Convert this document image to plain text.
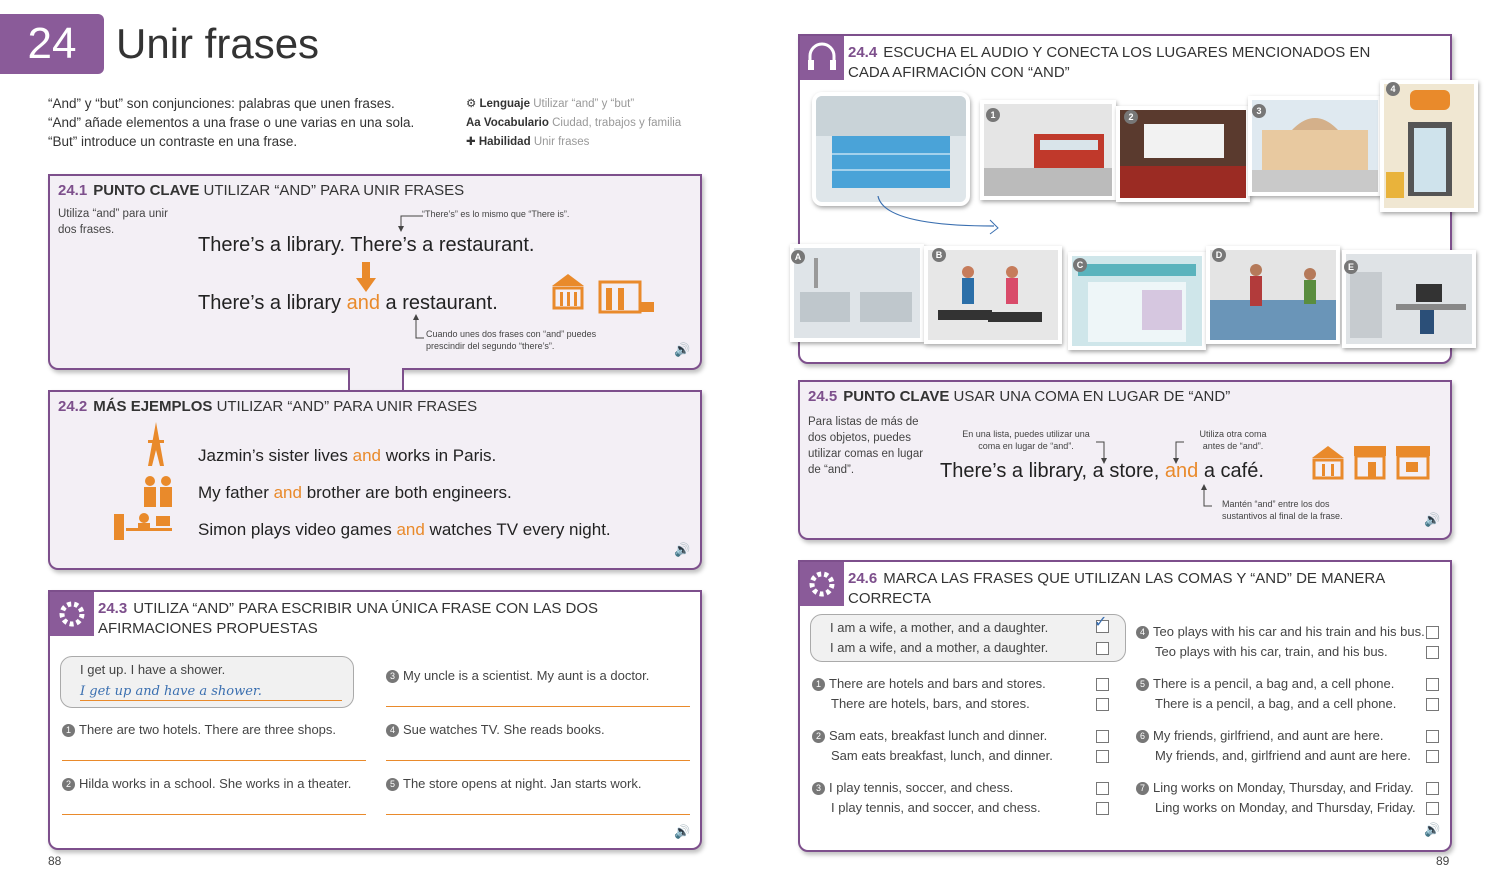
24 Unir frases
“And” y “but” son conjunciones: palabras que unen frases.
“And” añade elementos a una frase o une varias en una sola.
“But” introduce un contraste en una frase.
⚙ Lenguaje Utilizar “and” y “but”
Aa Vocabulario Ciudad, trabajos y familia
✚ Habilidad Unir frases
24.1 PUNTO CLAVE UTILIZAR “AND” PARA UNIR FRASES
Utiliza “and” para unir dos frases.
“There’s” es lo mismo que “There is”.
There’s a library. There’s a restaurant.
There’s a library and a restaurant.
Cuando unes dos frases con “and” puedes prescindir del segundo “there’s”.	🔊
24.2 MÁS EJEMPLOS UTILIZAR “AND” PARA UNIR FRASES
Jazmin’s sister lives and works in Paris.
My father and brother are both engineers.
Simon plays video games and watches TV every night.
🔊
24.3 UTILIZA “AND” PARA ESCRIBIR UNA ÚNICA FRASE CON LAS DOS AFIRMACIONES PROPUESTAS
I get up. I have a shower.
I get up and have a shower.
1 There are two hotels. There are three shops.
2 Hilda works in a school. She works in a theater.
3 My uncle is a scientist. My aunt is a doctor.
4 Sue watches TV. She reads books.
5 The store opens at night. Jan starts work.
🔊
88
24.4 ESCUCHA EL AUDIO Y CONECTA LOS LUGARES MENCIONADOS EN CADA AFIRMACIÓN CON “AND”
1	2
3
4
A	B
C
D
E
24.5 PUNTO CLAVE USAR UNA COMA EN LUGAR DE “AND”
Para listas de más de dos objetos, puedes utilizar comas en lugar de “and”.
En una lista, puedes utilizar una coma en lugar de “and”.
Utiliza otra coma antes de “and”.
There’s a library, a store, and a café.
Mantén “and” entre los dos sustantivos al final de la frase.	🔊
24.6 MARCA LAS FRASES QUE UTILIZAN LAS COMAS Y “AND” DE MANERA CORRECTA
I am a wife, a mother, and a daughter.
I am a wife, and a mother, a daughter.
✓
1 There are hotels and bars and stores.
There are hotels, bars, and stores.
2 Sam eats, breakfast lunch and dinner.
Sam eats breakfast, lunch, and dinner.
3 I play tennis, soccer, and chess.
I play tennis, and soccer, and chess.
4 Teo plays with his car and his train and his bus.
Teo plays with his car, train, and his bus.
5 There is a pencil, a bag and, a cell phone.
There is a pencil, a bag, and a cell phone.
6 My friends, girlfriend, and aunt are here.
My friends, and, girlfriend and aunt are here.
7 Ling works on Monday, Thursday, and Friday.
Ling works on Monday, and Thursday, Friday.
🔊
89
